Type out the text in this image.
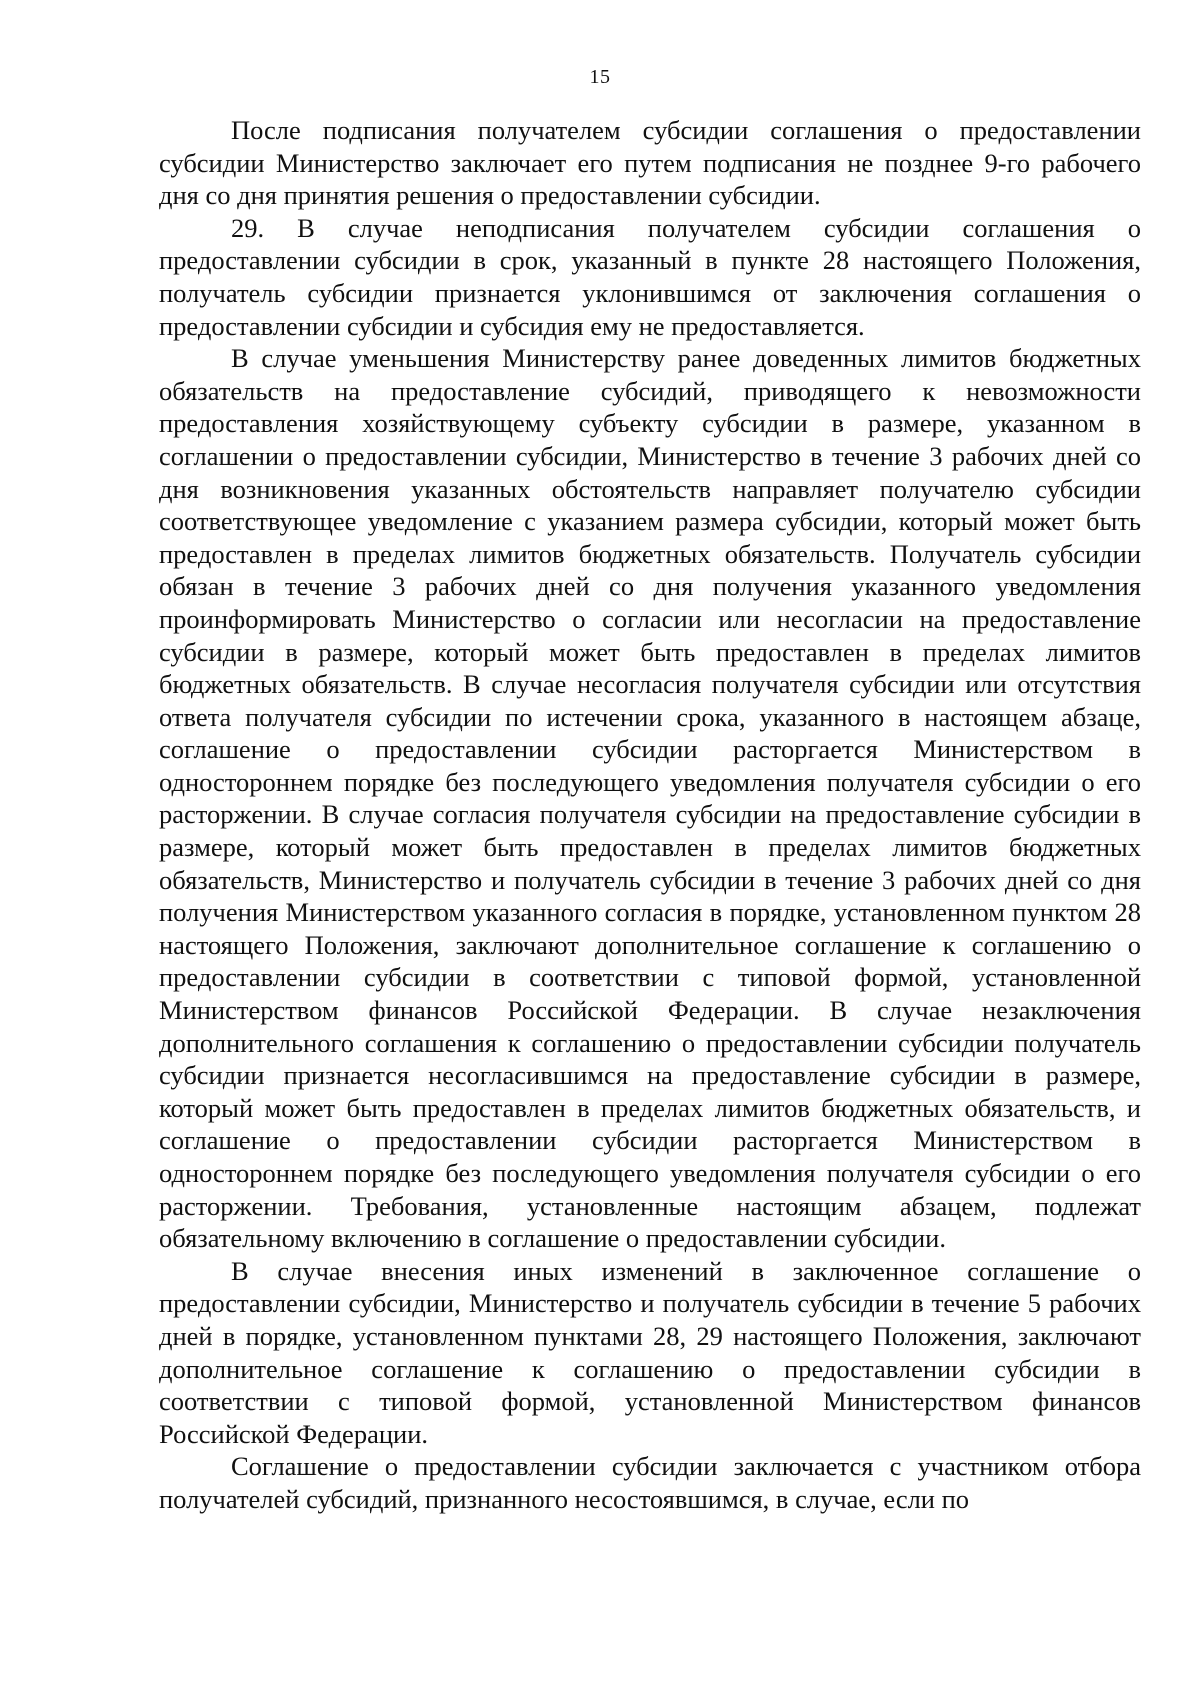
15

После подписания получателем субсидии соглашения о предоставлении субсидии Министерство заключает его путем подписания не позднее 9-го рабочего дня со дня принятия решения о предоставлении субсидии.

29. В случае неподписания получателем субсидии соглашения о предоставлении субсидии в срок, указанный в пункте 28 настоящего Положения, получатель субсидии признается уклонившимся от заключения соглашения о предоставлении субсидии и субсидия ему не предоставляется.

В случае уменьшения Министерству ранее доведенных лимитов бюджетных обязательств на предоставление субсидий, приводящего к невозможности предоставления хозяйствующему субъекту субсидии в размере, указанном в соглашении о предоставлении субсидии, Министерство в течение 3 рабочих дней со дня возникновения указанных обстоятельств направляет получателю субсидии соответствующее уведомление с указанием размера субсидии, который может быть предоставлен в пределах лимитов бюджетных обязательств. Получатель субсидии обязан в течение 3 рабочих дней со дня получения указанного уведомления проинформировать Министерство о согласии или несогласии на предоставление субсидии в размере, который может быть предоставлен в пределах лимитов бюджетных обязательств. В случае несогласия получателя субсидии или отсутствия ответа получателя субсидии по истечении срока, указанного в настоящем абзаце, соглашение о предоставлении субсидии расторгается Министерством в одностороннем порядке без последующего уведомления получателя субсидии о его расторжении. В случае согласия получателя субсидии на предоставление субсидии в размере, который может быть предоставлен в пределах лимитов бюджетных обязательств, Министерство и получатель субсидии в течение 3 рабочих дней со дня получения Министерством указанного согласия в порядке, установленном пунктом 28 настоящего Положения, заключают дополнительное соглашение к соглашению о предоставлении субсидии в соответствии с типовой формой, установленной Министерством финансов Российской Федерации. В случае незаключения дополнительного соглашения к соглашению о предоставлении субсидии получатель субсидии признается несогласившимся на предоставление субсидии в размере, который может быть предоставлен в пределах лимитов бюджетных обязательств, и соглашение о предоставлении субсидии расторгается Министерством в одностороннем порядке без последующего уведомления получателя субсидии о его расторжении. Требования, установленные настоящим абзацем, подлежат обязательному включению в соглашение о предоставлении субсидии.

В случае внесения иных изменений в заключенное соглашение о предоставлении субсидии, Министерство и получатель субсидии в течение 5 рабочих дней в порядке, установленном пунктами 28, 29 настоящего Положения, заключают дополнительное соглашение к соглашению о предоставлении субсидии в соответствии с типовой формой, установленной Министерством финансов Российской Федерации.

Соглашение о предоставлении субсидии заключается с участником отбора получателей субсидий, признанного несостоявшимся, в случае, если по
